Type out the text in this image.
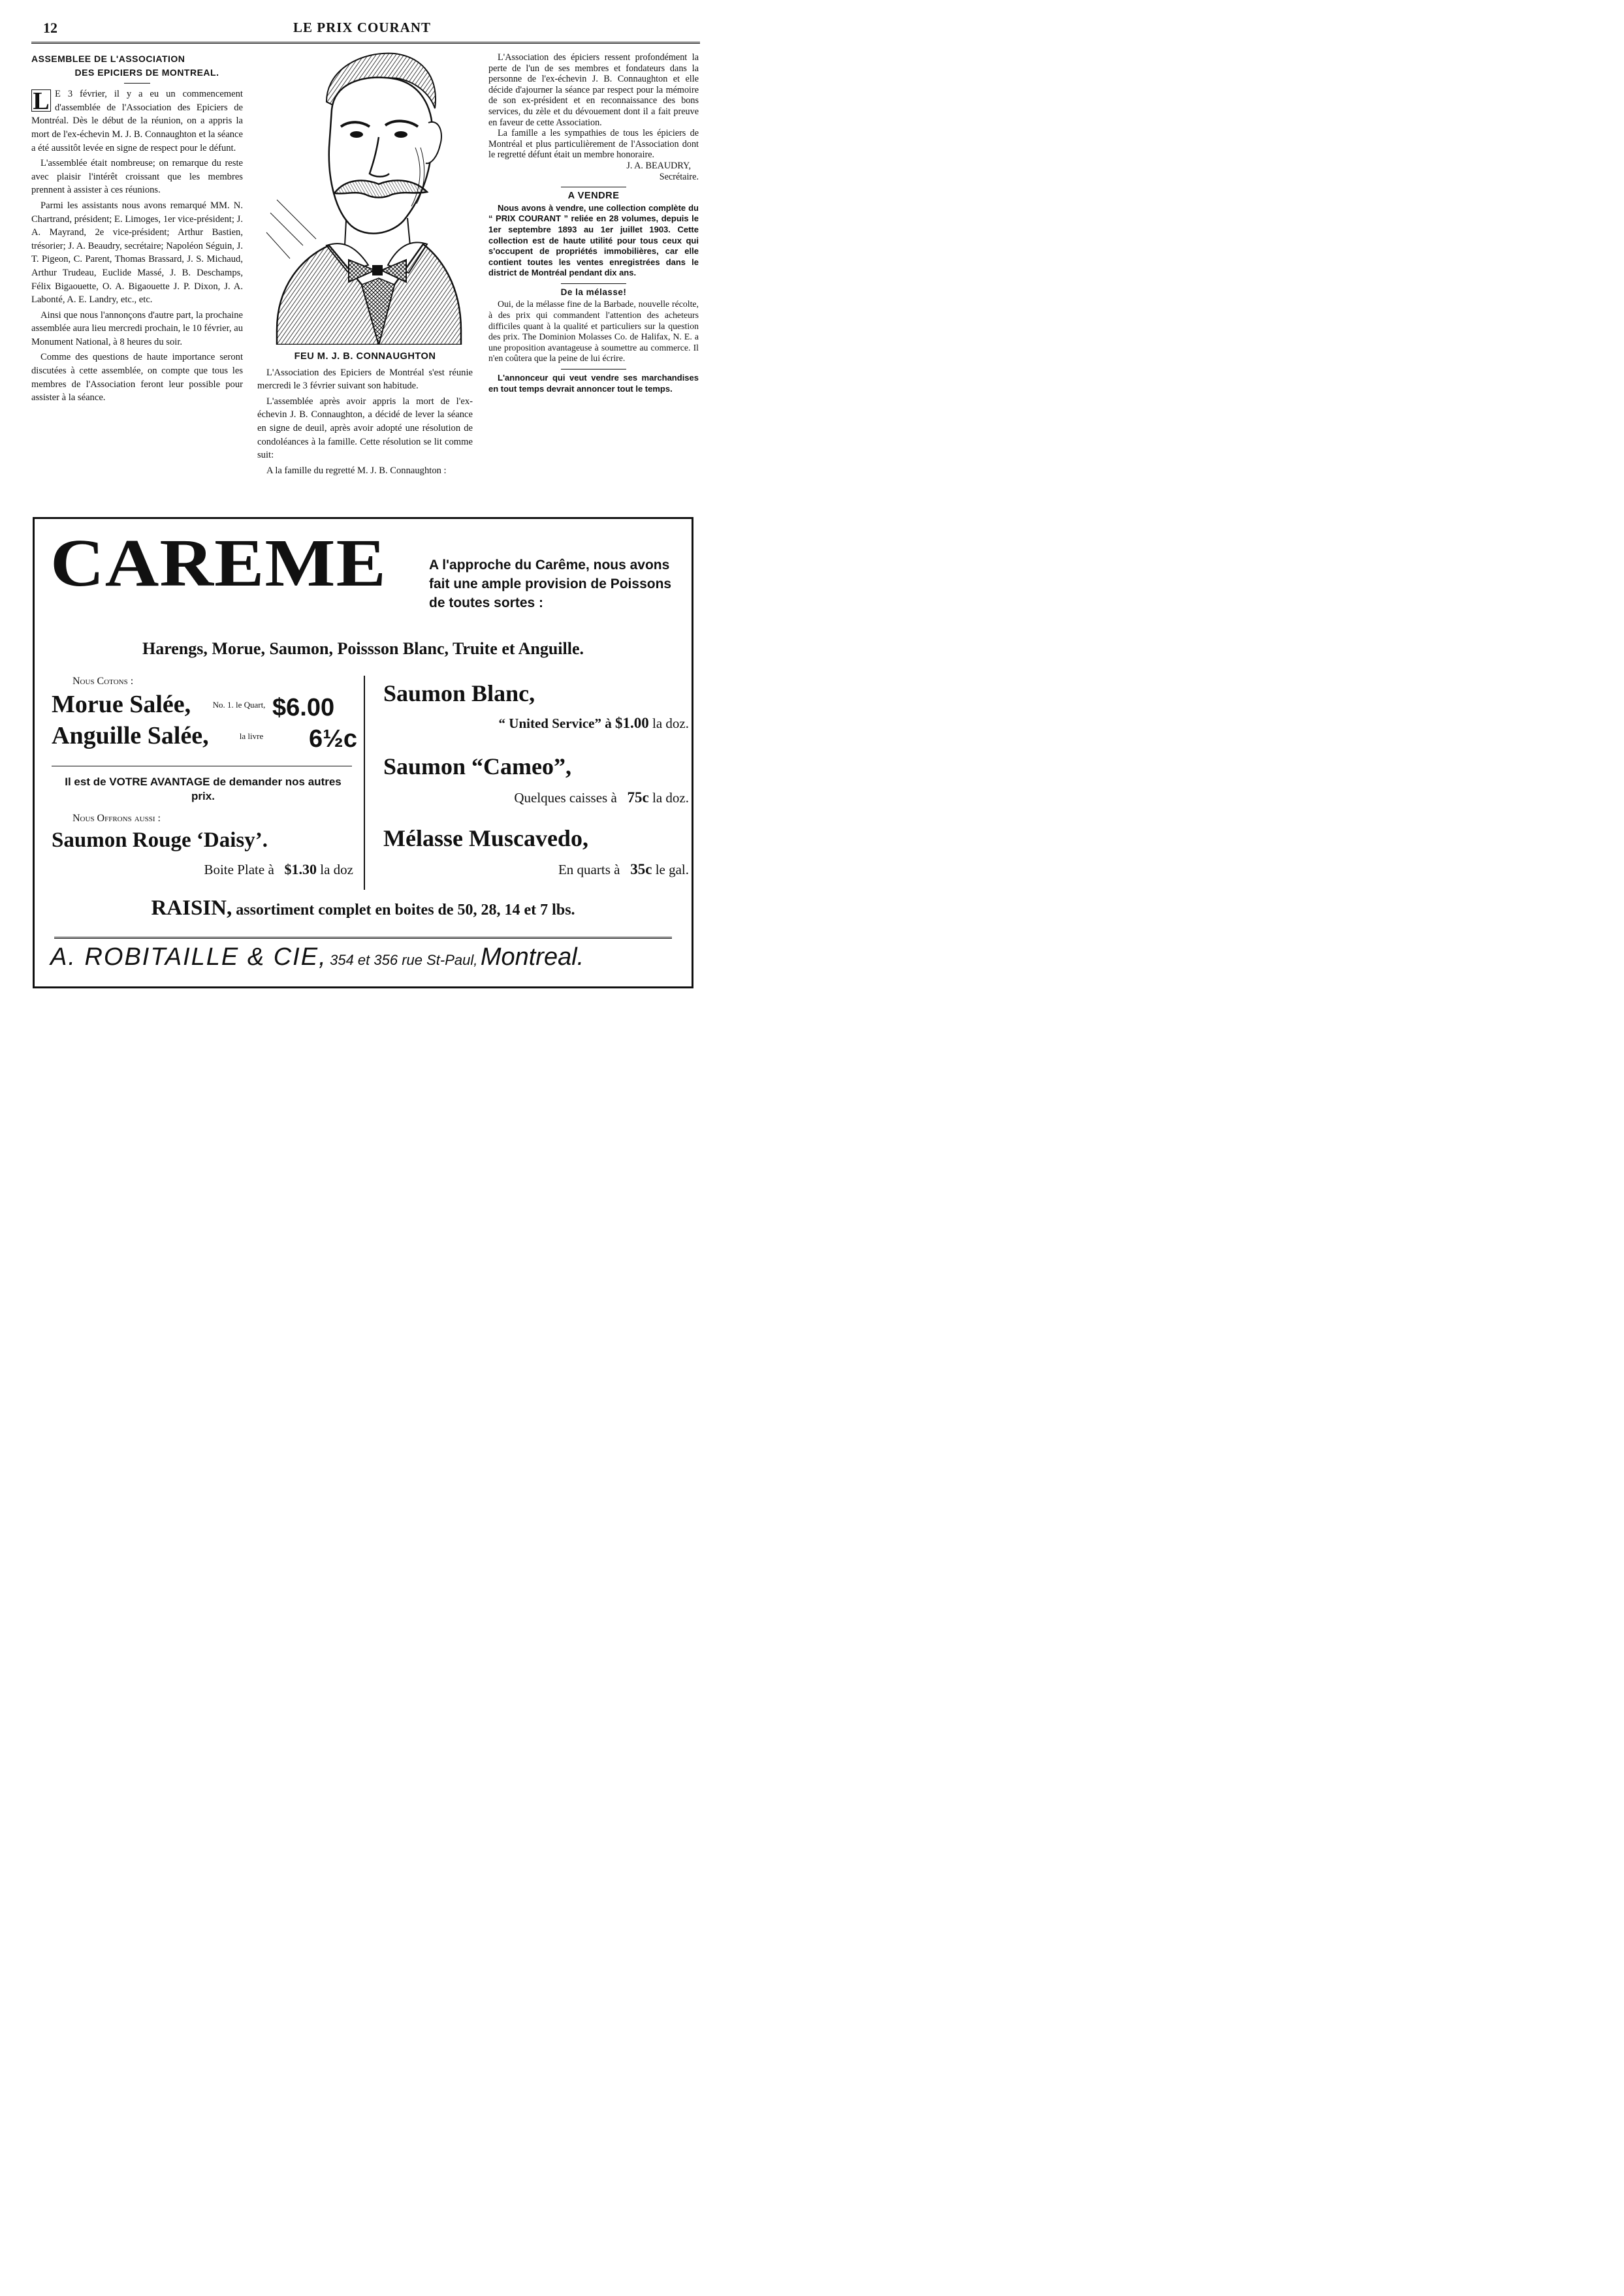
12	LE PRIX COURANT
ASSEMBLEE DE L'ASSOCIATION
DES EPICIERS DE MONTREAL.

L E 3 février, il y a eu un commencement d'assemblée de l'Association des Epiciers de Montréal. Dès le début de la réunion, on a appris la mort de l'ex-échevin M. J. B. Connaughton et la séance a été aussitôt levée en signe de respect pour le défunt.

L'assemblée était nombreuse; on remarque du reste avec plaisir l'intérêt croissant que les membres prennent à assister à ces réunions.

Parmi les assistants nous avons remarqué MM. N. Chartrand, président; E. Limoges, 1er vice-président; J. A. Mayrand, 2e vice-président; Arthur Bastien, trésorier; J. A. Beaudry, secrétaire; Napoléon Séguin, J. T. Pigeon, C. Parent, Thomas Brassard, J. S. Michaud, Arthur Trudeau, Euclide Massé, J. B. Deschamps, Félix Bigaouette, O. A. Bigaouette J. P. Dixon, J. A. Labonté, A. E. Landry, etc., etc.

Ainsi que nous l'annonçons d'autre part, la prochaine assemblée aura lieu mercredi prochain, le 10 février, au Monument National, à 8 heures du soir.

Comme des questions de haute importance seront discutées à cette assemblée, on compte que tous les membres de l'Association feront leur possible pour assister à la séance.

FEU M. J. B. CONNAUGHTON

L'Association des Epiciers de Montréal s'est réunie mercredi le 3 février suivant son habitude.

L'assemblée après avoir appris la mort de l'ex-échevin J. B. Connaughton, a décidé de lever la séance en signe de deuil, après avoir adopté une résolution de condoléances à la famille. Cette résolution se lit comme suit:

A la famille du regretté M. J. B. Connaughton :

L'Association des épiciers ressent profondément la perte de l'un de ses membres et fondateurs dans la personne de l'ex-échevin J. B. Connaughton et elle décide d'ajourner la séance par respect pour la mémoire de son ex-président et en reconnaissance des bons services, du zèle et du dévouement dont il a fait preuve en faveur de cette Association.

La famille a les sympathies de tous les épiciers de Montréal et plus particulièrement de l'Association dont le regretté défunt était un membre honoraire.

J. A. BEAUDRY,
Secrétaire.
A VENDRE

Nous avons à vendre, une collection complète du “ PRIX COURANT ” reliée en 28 volumes, depuis le 1er septembre 1893 au 1er juillet 1903. Cette collection est de haute utilité pour tous ceux qui s'occupent de propriétés immobilières, car elle contient toutes les ventes enregistrées dans le district de Montréal pendant dix ans.

De la mélasse!

Oui, de la mélasse fine de la Barbade, nouvelle récolte, à des prix qui commandent l'attention des acheteurs difficiles quant à la qualité et particuliers sur la question des prix. The Dominion Molasses Co. de Halifax, N. E. a une proposition avantageuse à soumettre au commerce. Il n'en coûtera que la peine de lui écrire.

L'annonceur qui veut vendre ses marchandises en tout temps devrait annoncer tout le temps.

CAREME	A l'approche du Carême, nous avons fait une ample provision de Poissons de toutes sortes :
Harengs, Morue, Saumon, Poissson Blanc, Truite et Anguille.
Nous Cotons :
Morue Salée,	No. 1. le Quart, $6.00
Anguille Salée,	la livre 6½c
Il est de VOTRE AVANTAGE de demander nos autres prix.
Nous Offrons aussi :
Saumon Rouge ‘Daisy’.
Boite Plate à $1.30 la doz
Saumon Blanc,
“ United Service” à $1.00 la doz.
Saumon “Cameo”,
Quelques caisses à 75c la doz.
Mélasse Muscavedo,
En quarts à 35c le gal.
RAISIN, assortiment complet en boites de 50, 28, 14 et 7 lbs.
A. ROBITAILLE & CIE, 354 et 356 rue St-Paul, Montreal.
